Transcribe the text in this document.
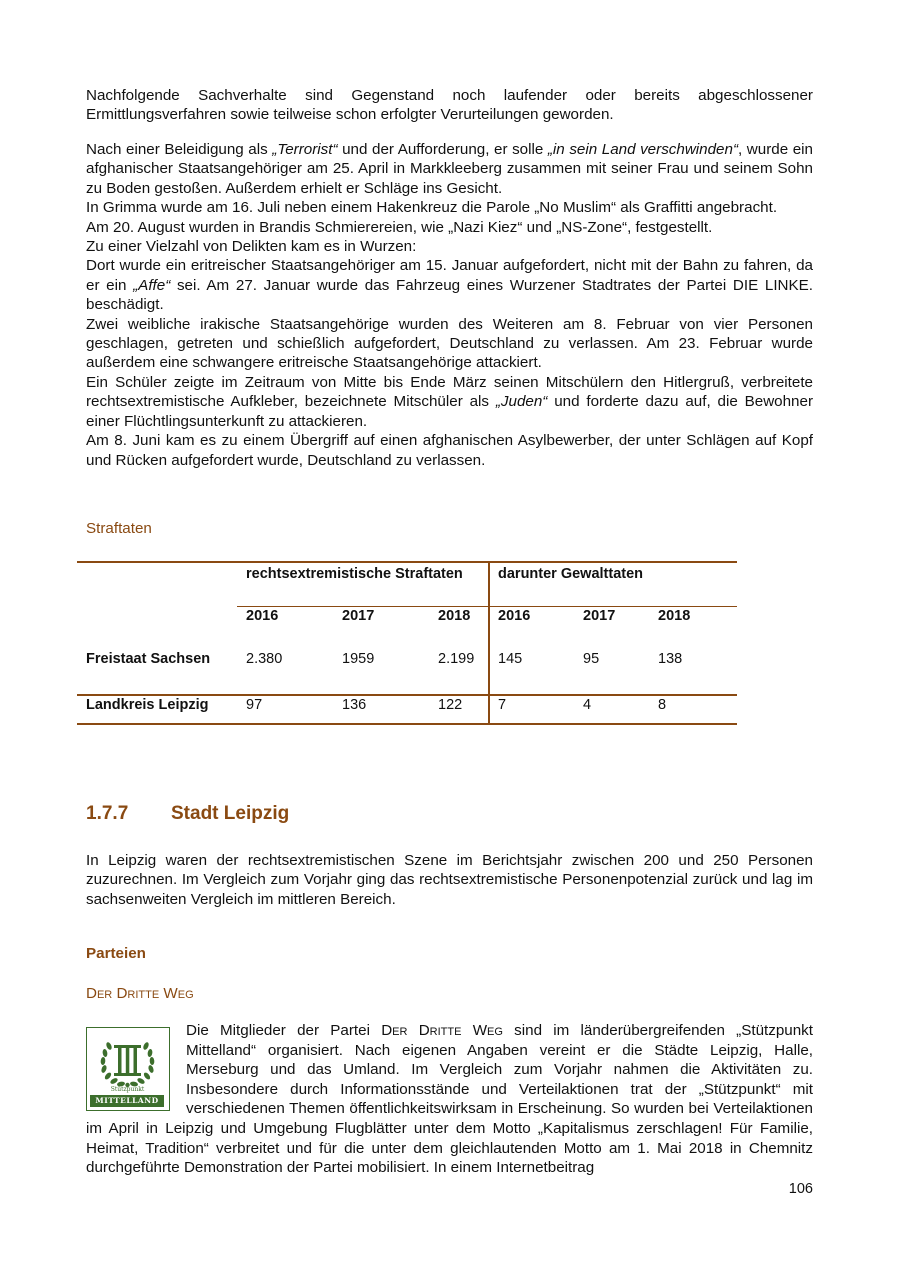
Nachfolgende Sachverhalte sind Gegenstand noch laufender oder bereits abgeschlossener Ermittlungsverfahren sowie teilweise schon erfolgter Verurteilungen geworden.

Nach einer Beleidigung als „Terrorist“ und der Aufforderung, er solle „in sein Land verschwinden“, wurde ein afghanischer Staatsangehöriger am 25. April in Markkleeberg zusammen mit seiner Frau und seinem Sohn zu Boden gestoßen. Außerdem erhielt er Schläge ins Gesicht.

In Grimma wurde am 16. Juli neben einem Hakenkreuz die Parole „No Muslim“ als Graffitti angebracht.

Am 20. August wurden in Brandis Schmierereien, wie „Nazi Kiez“ und „NS-Zone“, festgestellt.

Zu einer Vielzahl von Delikten kam es in Wurzen:

Dort wurde ein eritreischer Staatsangehöriger am 15. Januar aufgefordert, nicht mit der Bahn zu fahren, da er ein „Affe“ sei. Am 27. Januar wurde das Fahrzeug eines Wurzener Stadtrates der Partei DIE LINKE. beschädigt.

Zwei weibliche irakische Staatsangehörige wurden des Weiteren am 8. Februar von vier Personen geschlagen, getreten und schießlich aufgefordert, Deutschland zu verlassen. Am 23. Februar wurde außerdem eine schwangere eritreische Staatsangehörige attackiert.

Ein Schüler zeigte im Zeitraum von Mitte bis Ende März seinen Mitschülern den Hitlergruß, verbreitete rechtsextremistische Aufkleber, bezeichnete Mitschüler als „Juden“ und forderte dazu auf, die Bewohner einer Flüchtlingsunterkunft zu attackieren.

Am 8. Juni kam es zu einem Übergriff auf einen afghanischen Asylbewerber, der unter Schlägen auf Kopf und Rücken aufgefordert wurde, Deutschland zu verlassen.

Straftaten
	rechtsextremistische Straftaten			darunter Gewalttaten		
	2016	2017	2018	2016	2017	2018
Freistaat Sachsen	2.380	1959	2.199	145	95	138
Landkreis Leipzig	97	136	122	7	4	8
1.7.7 Stadt Leipzig

In Leipzig waren der rechtsextremistischen Szene im Berichtsjahr zwischen 200 und 250 Personen zuzurechnen. Im Vergleich zum Vorjahr ging das rechtsextremistische Personenpotenzial zurück und lag im sachsenweiten Vergleich im mittleren Bereich.

Parteien
Der Dritte Weg
Stützpunkt
MITTELLAND

Die Mitglieder der Partei Der Dritte Weg sind im länderübergreifenden „Stützpunkt Mittelland“ organisiert. Nach eigenen Angaben vereint er die Städte Leipzig, Halle, Merseburg und das Umland. Im Vergleich zum Vorjahr nahmen die Aktivitäten zu. Insbesondere durch Informationsstände und Verteilaktionen trat der „Stützpunkt“ mit verschiedenen Themen öffentlichkeitswirksam in Erscheinung. So wurden bei Verteilaktionen im April in Leipzig und Umgebung Flugblätter unter dem Motto „Kapitalismus zerschlagen! Für Familie, Heimat, Tradition“ verbreitet und für die unter dem gleichlautenden Motto am 1. Mai 2018 in Chemnitz durchgeführte Demonstration der Partei mobilisiert. In einem Internetbeitrag

106
